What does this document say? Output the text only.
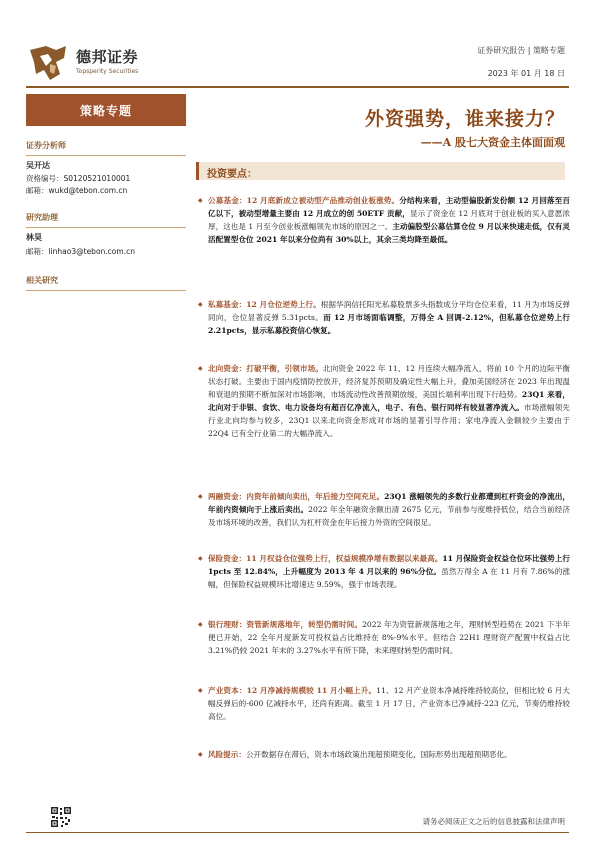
德邦证券
Topsperity Securities
证券研究报告 | 策略专题
2023 年 01 月 18 日
策略专题
证券分析师
吴开达
资格编号：S0120521010001
邮箱：wukd@tebon.com.cn
研究助理
林昊
邮箱：linhao3@tebon.com.cn
相关研究
外资强势，谁来接力？
——A 股七大资金主体面面观
投资要点：
◆ 公募基金：12 月底新成立被动型产品推动创业板涨势。分结构来看，主动型偏股新发份额 12 月回落至百亿以下，被动型增量主要由 12 月成立的创 50ETF 贡献，显示了资金在 12 月底对于创业板的买入意愿浓厚，这也是 1 月至今创业板涨幅领先市场的原因之一。主动偏股型公募估算仓位 9 月以来快速走低，仅有灵活配置型仓位 2021 年以来分位尚有 30%以上，其余三类均降至最低。
◆ 私募基金：12 月仓位逆势上行。根据华润信托阳光私募股票多头指数成分平均仓位来看，11 月为市场反弹同向，仓位显著反弹 5.31pcts。而 12 月市场面临调整，万得全 A 回调-2.12%，但私募仓位逆势上行 2.21pcts，显示私募投资信心恢复。
◆ 北向资金：打破平衡，引领市场。北向资金 2022 年 11、12 月连续大幅净流入，将前 10 个月的边际平衡状态打破。主要由于国内疫情防控放开，经济复苏预期及确定性大幅上升，叠加美国经济在 2023 年出现温和衰退的预期不断加深对市场影响，市场流动性改善预期放缓，美国长端利率出现下行趋势。23Q1 来看，北向对于非银、食饮、电力设备均有超百亿净流入，电子、有色、银行同样有较显著净流入。市场涨幅领先行业北向均参与较多，23Q1 以来北向资金形成对市场的显著引导作用；家电净流入金额较少主要由于 22Q4 已有全行业第二的大幅净流入。
◆ 两融资金：内资年前倾向卖出，年后接力空间充足。23Q1 涨幅领先的多数行业都遭到杠杆资金的净流出，年前内资倾向于上涨后卖出。2022 年全年融资余额出清 2675 亿元，节前参与度维持低位，结合当前经济及市场环境的改善，我们认为杠杆资金在年后接力外资的空间很足。
◆ 保险资金：11 月权益仓位强势上行，权益规模净增有数据以来最高。11 月保险资金权益仓位环比强势上行 1pcts 至 12.84%，上升幅度为 2013 年 4 月以来的 96%分位。虽然万得全 A 在 11 月有 7.86%的涨幅，但保险权益规模环比增速达 9.59%，强于市场表现。
◆ 银行理财：资管新规落地年，转型仍需时间。2022 年为资管新规落地之年，理财转型趋势在 2021 下半年便已开始，22 全年月度新发可投权益占比维持在 8%-9%水平。但结合 22H1 理财资产配置中权益占比 3.21%仍较 2021 年末的 3.27%水平有所下降，未来理财转型仍需时间。
◆ 产业资本：12 月净减持规模较 11 月小幅上升。11、12 月产业资本净减持维持较高位，但相比较 6 月大幅反弹后的-600 亿减持水平，还尚有距离。截至 1 月 17 日，产业资本已净减持-223 亿元，节奏仍维持较高位。
◆ 风险提示：公开数据存在滞后，资本市场政策出现超预期变化，国际形势出现超预期恶化。
请务必阅读正文之后的信息披露和法律声明
